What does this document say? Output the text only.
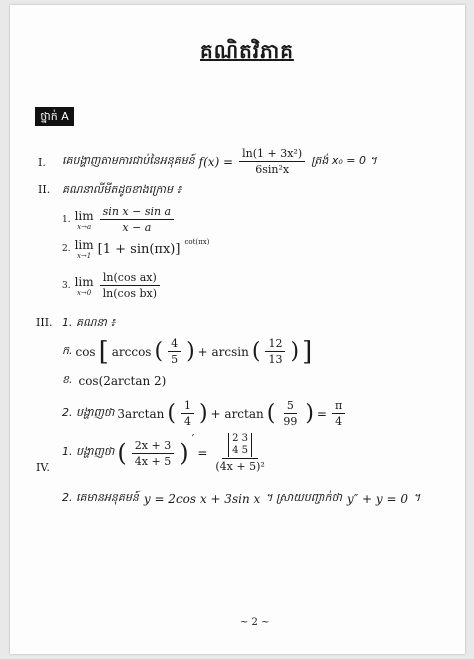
គណិតវិភាគ
ថ្នាក់ A
I. គេបង្ហាញតាមការជាប់នៃអនុគមន៍ $f(x) = \frac{\text{ln(1 + 3x²)}}{\text{6sin²x}}$ ត្រង់ x₀ = 0 ។
II. គណនាលីមីតដូចខាងក្រោម ៖
1. lim
$x\to a \frac{\text{sin x − sin a}}{x - a}$
2. lim
x→1 [1 + sin(πx)] cot(πx)
3. lim
$x\to 0 \frac{\text{ln(cos ax)}}{\text{ln(cos bx)}}$
III. 1. គណនា ៖
ក. cos [ arccos ( $\frac{4}{5}$ ) + arcsin ( $\frac{12}{13}$ ) ]
ខ. cos(2arctan 2)
2. បង្ហាញថា 3arctan ( $\frac{1}{4}$ ) + arctan ( $\frac{5}{99}$ ) = $\frac{\pi}{4}$
IV.
1. បង្ហាញថា ( $\frac{2x + 3}{4x + 5}$ ) ′
= 2 3
4 5
(4x + 5)²
2. គេមានអនុគមន៍ y = 2cos x + 3sin x ។ ស្រាយបញ្ជាក់ថា y″ + y = 0 ។
~ 2 ~
